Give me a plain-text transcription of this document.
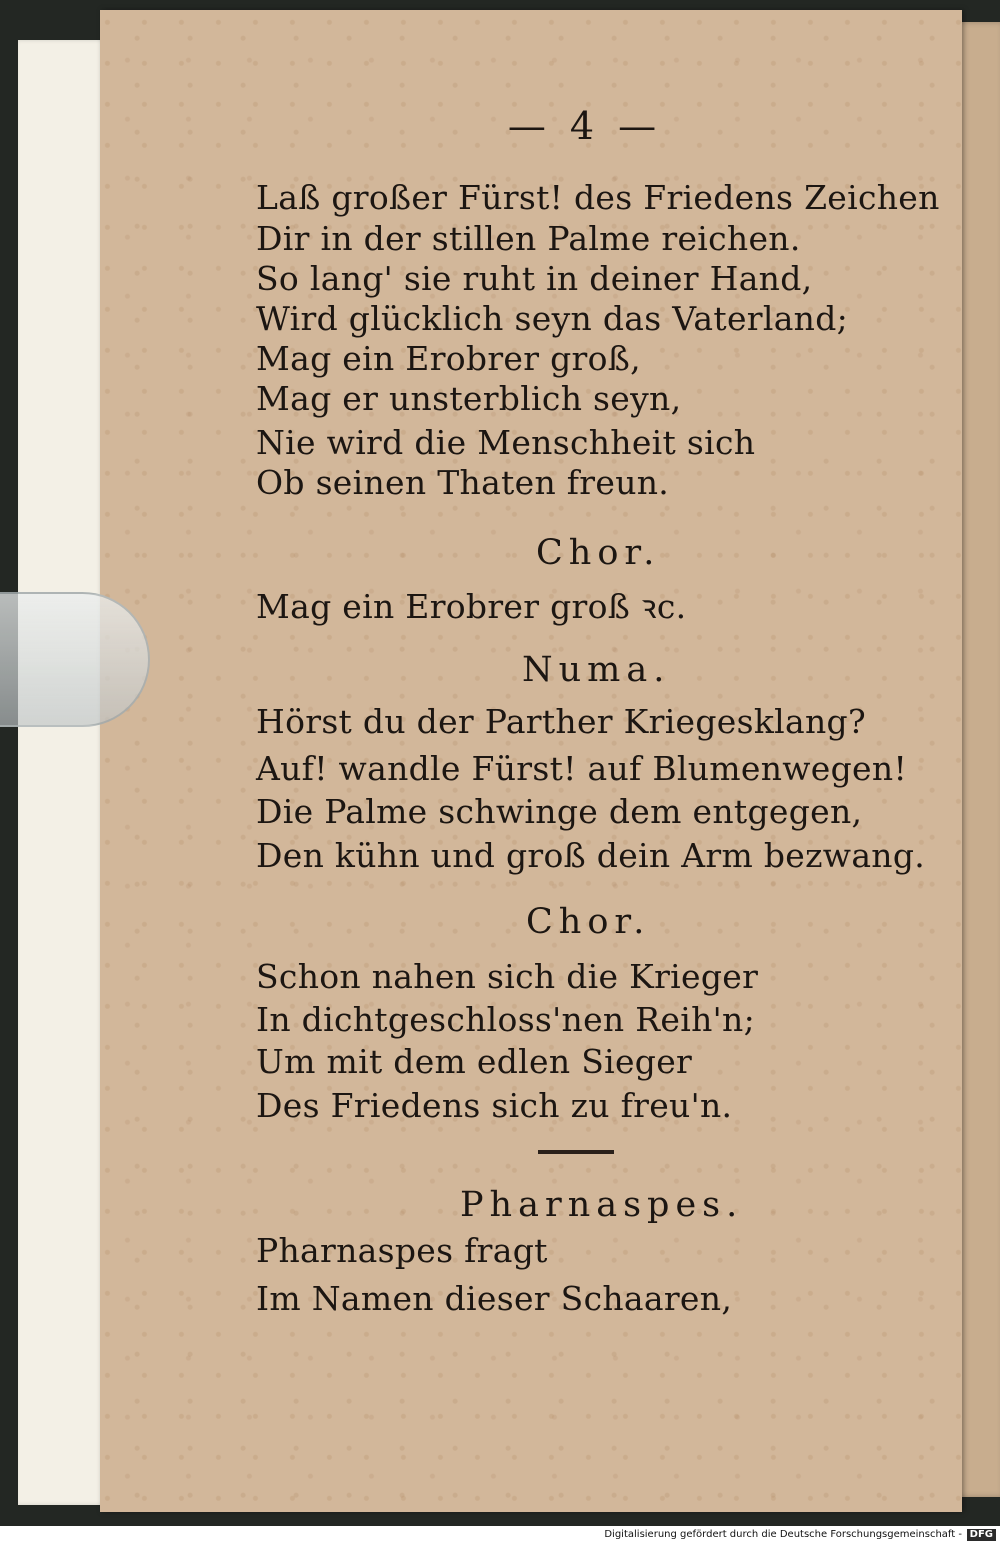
— 4 —
Laß großer Fürst! des Friedens Zeichen
Dir in der stillen Palme reichen.
So lang' sie ruht in deiner Hand,
Wird glücklich seyn das Vaterland;
Mag ein Erobrer groß,
Mag er unsterblich seyn,
Nie wird die Menschheit sich
Ob seinen Thaten freun.
Chor.
Mag ein Erobrer groß ꝛc.
Numa.
Hörst du der Parther Kriegesklang?
Auf! wandle Fürst! auf Blumenwegen!
Die Palme schwinge dem entgegen,
Den kühn und groß dein Arm bezwang.
Chor.
Schon nahen sich die Krieger
In dichtgeschloss'nen Reih'n;
Um mit dem edlen Sieger
Des Friedens sich zu freu'n.
Pharnaspes.
Pharnaspes fragt
Im Namen dieser Schaaren,
Digitalisierung gefördert durch die Deutsche Forschungsgemeinschaft - DFG
